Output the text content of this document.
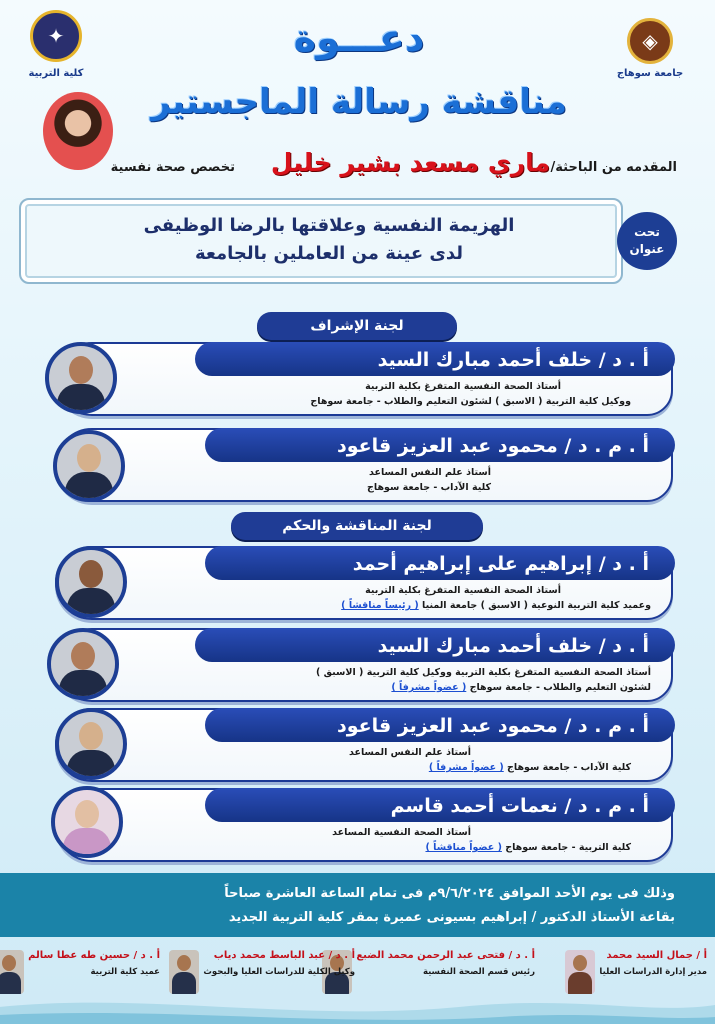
◈
جامعة سوهاج
✦
كلية التربية
دعـــوة
مناقشة رسالة الماجستير
المقدمه من الباحثة/
ماري مسعد بشير خليل
تخصص صحة نفسية
تحت
عنوان
الهزيمة النفسية وعلاقتها بالرضا الوظيفى
لدى عينة من العاملين بالجامعة
لجنة الإشراف
أ . د / خلف أحمد مبارك السيد
أستاذ الصحة النفسية المتفرغ بكلية التربية
ووكيل كلية التربية ( الاسبق ) لشئون التعليم والطلاب - جامعة سوهاج
أ . م . د / محمود عبد العزيز قاعود
أستاذ علم النفس المساعد
كلية الآداب - جامعة سوهاج
لجنة المناقشة والحكم
أ . د / إبراهيم على إبراهيم أحمد
أستاذ الصحة النفسية المتفرغ بكلية التربية
وعميد كلية التربية النوعية ( الاسبق ) جامعة المنيا ( رئيساً مناقشاً )
أ . د / خلف أحمد مبارك السيد
أستاذ الصحة النفسية المتفرغ بكلية التربية ووكيل كلية التربية ( الاسبق )
لشئون التعليم والطلاب - جامعة سوهاج ( عضواً مشرفاً )
أ . م . د / محمود عبد العزيز قاعود
أستاذ علم النفس المساعد
كلية الآداب - جامعة سوهاج ( عضواً مشرفاً )
أ . م . د / نعمات أحمد قاسم
أستاذ الصحة النفسية المساعد
كلية التربية - جامعة سوهاج ( عضواً مناقشاً )
وذلك فى يوم الأحد الموافق ٩/٦/٢٠٢٤م فى تمام الساعة العاشرة صباحاً
بقاعة الأستاذ الدكتور / إبراهيم بسيونى عميرة بمقر كلية التربية الجديد
أ / جمال السيد محمد
مدير إدارة الدراسات العليا
أ . د / فتحى عبد الرحمن محمد الضبع
رئيس قسم الصحة النفسية
أ . د / عبد الباسط محمد دياب
وكيل الكلية للدراسات العليا والبحوث
أ . د / حسين طه عطا سالم
عميد كلية التربية
